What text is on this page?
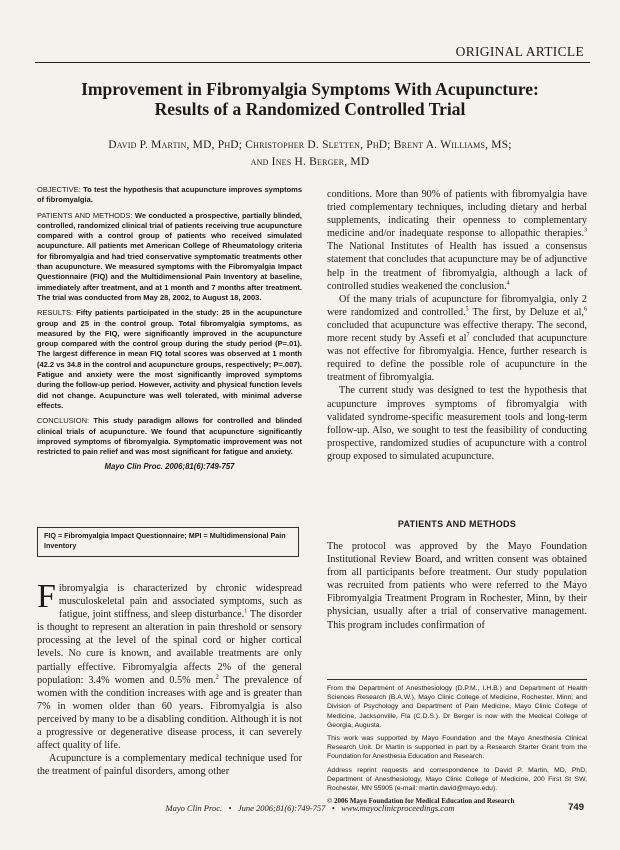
ORIGINAL ARTICLE
Improvement in Fibromyalgia Symptoms With Acupuncture:
Results of a Randomized Controlled Trial
David P. Martin, MD, PhD; Christopher D. Sletten, PhD; Brent A. Williams, MS;
and Ines H. Berger, MD

OBJECTIVE: To test the hypothesis that acupuncture improves symptoms of fibromyalgia.

PATIENTS AND METHODS: We conducted a prospective, partially blinded, controlled, randomized clinical trial of patients receiving true acupuncture compared with a control group of patients who received simulated acupuncture. All patients met American College of Rheumatology criteria for fibromyalgia and had tried conservative symptomatic treatments other than acupuncture. We measured symptoms with the Fibromyalgia Impact Questionnaire (FIQ) and the Multidimensional Pain Inventory at baseline, immediately after treatment, and at 1 month and 7 months after treatment. The trial was conducted from May 28, 2002, to August 18, 2003.

RESULTS: Fifty patients participated in the study: 25 in the acupuncture group and 25 in the control group. Total fibromyalgia symptoms, as measured by the FIQ, were significantly improved in the acupuncture group compared with the control group during the study period (P=.01). The largest difference in mean FIQ total scores was observed at 1 month (42.2 vs 34.8 in the control and acupuncture groups, respectively; P=.007). Fatigue and anxiety were the most significantly improved symptoms during the follow-up period. However, activity and physical function levels did not change. Acupuncture was well tolerated, with minimal adverse effects.

CONCLUSION: This study paradigm allows for controlled and blinded clinical trials of acupuncture. We found that acupuncture significantly improved symptoms of fibromyalgia. Symptomatic improvement was not restricted to pain relief and was most significant for fatigue and anxiety.

Mayo Clin Proc. 2006;81(6):749-757

FIQ = Fibromyalgia Impact Questionnaire; MPI = Multidimensional Pain Inventory

Fibromyalgia is characterized by chronic widespread musculoskeletal pain and associated symptoms, such as fatigue, joint stiffness, and sleep disturbance.$^1$ The disorder is thought to represent an alteration in pain threshold or sensory processing at the level of the spinal cord or higher cortical levels. No cure is known, and available treatments are only partially effective. Fibromyalgia affects 2% of the general population: 3.4% women and 0.5% men.$^2$ The prevalence of women with the condition increases with age and is greater than 7% in women older than 60 years. Fibromyalgia is also perceived by many to be a disabling condition. Although it is not a progressive or degenerative disease process, it can severely affect quality of life.

Acupuncture is a complementary medical technique used for the treatment of painful disorders, among other

conditions. More than 90% of patients with fibromyalgia have tried complementary techniques, including dietary and herbal supplements, indicating their openness to complementary medicine and/or inadequate response to allopathic therapies.$^3$ The National Institutes of Health has issued a consensus statement that concludes that acupuncture may be of adjunctive help in the treatment of fibromyalgia, although a lack of controlled studies weakened the conclusion.$^4$

Of the many trials of acupuncture for fibromyalgia, only 2 were randomized and controlled.$^5$ The first, by Deluze et al,$^6$ concluded that acupuncture was effective therapy. The second, more recent study by Assefi et $al^7$ concluded that acupuncture was not effective for fibromyalgia. Hence, further research is required to define the possible role of acupuncture in the treatment of fibromyalgia.

The current study was designed to test the hypothesis that acupuncture improves symptoms of fibromyalgia with validated syndrome-specific measurement tools and long-term follow-up. Also, we sought to test the feasibility of conducting prospective, randomized studies of acupuncture with a control group exposed to simulated acupuncture.

PATIENTS AND METHODS

The protocol was approved by the Mayo Foundation Institutional Review Board, and written consent was obtained from all participants before treatment. Our study population was recruited from patients who were referred to the Mayo Fibromyalgia Treatment Program in Rochester, Minn, by their physician, usually after a trial of conservative management. This program includes confirmation of

From the Department of Anesthesiology (D.P.M., I.H.B.) and Department of Health Sciences Research (B.A.W.), Mayo Clinic College of Medicine, Rochester, Minn; and Division of Psychology and Department of Pain Medicine, Mayo Clinic College of Medicine, Jacksonville, Fla (C.D.S.). Dr Berger is now with the Medical College of Georgia, Augusta.

This work was supported by Mayo Foundation and the Mayo Anesthesia Clinical Research Unit. Dr Martin is supported in part by a Research Starter Grant from the Foundation for Anesthesia Education and Research.

Address reprint requests and correspondence to David P. Martin, MD, PhD, Department of Anesthesiology, Mayo Clinic College of Medicine, 200 First St SW, Rochester, MN 55905 (e-mail: martin.david@mayo.edu).

© 2006 Mayo Foundation for Medical Education and Research

Mayo Clin Proc. • June 2006;81(6):749-757 • www.mayoclinicproceedings.com	749
